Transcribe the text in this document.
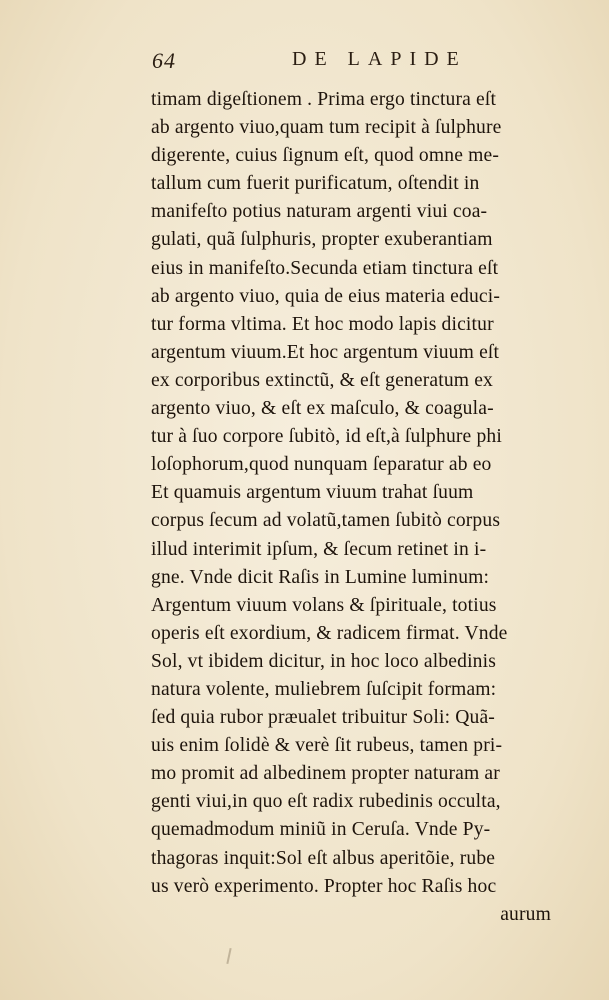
64	DE LAPIDE
timam digeſtionem . Prima ergo tinctura eſt
ab argento viuo,quam tum recipit à ſulphure
digerente, cuius ſignum eſt, quod omne me-
tallum cum fuerit purificatum, oſtendit in
manifeſto potius naturam argenti viui coa-
gulati, quã ſulphuris, propter exuberantiam
eius in manifeſto.Secunda etiam tinctura eſt
ab argento viuo, quia de eius materia educi-
tur forma vltima. Et hoc modo lapis dicitur
argentum viuum.Et hoc argentum viuum eſt
ex corporibus extinctũ, & eſt generatum ex
argento viuo, & eſt ex maſculo, & coagula-
tur à ſuo corpore ſubitò, id eſt,à ſulphure phi
loſophorum,quod nunquam ſeparatur ab eo
Et quamuis argentum viuum trahat ſuum
corpus ſecum ad volatũ,tamen ſubitò corpus
illud interimit ipſum, & ſecum retinet in i-
gne. Vnde dicit Raſis in Lumine luminum:
Argentum viuum volans & ſpirituale, totius
operis eſt exordium, & radicem firmat. Vnde
Sol, vt ibidem dicitur, in hoc loco albedinis
natura volente, muliebrem ſuſcipit formam:
ſed quia rubor præualet tribuitur Soli: Quã-
uis enim ſolidè & verè ſit rubeus, tamen pri-
mo promit ad albedinem propter naturam ar
genti viui,in quo eſt radix rubedinis occulta,
quemadmodum miniũ in Ceruſa. Vnde Py-
thagoras inquit:Sol eſt albus aperitõie, rube
us verò experimento. Propter hoc Raſis hoc
aurum
